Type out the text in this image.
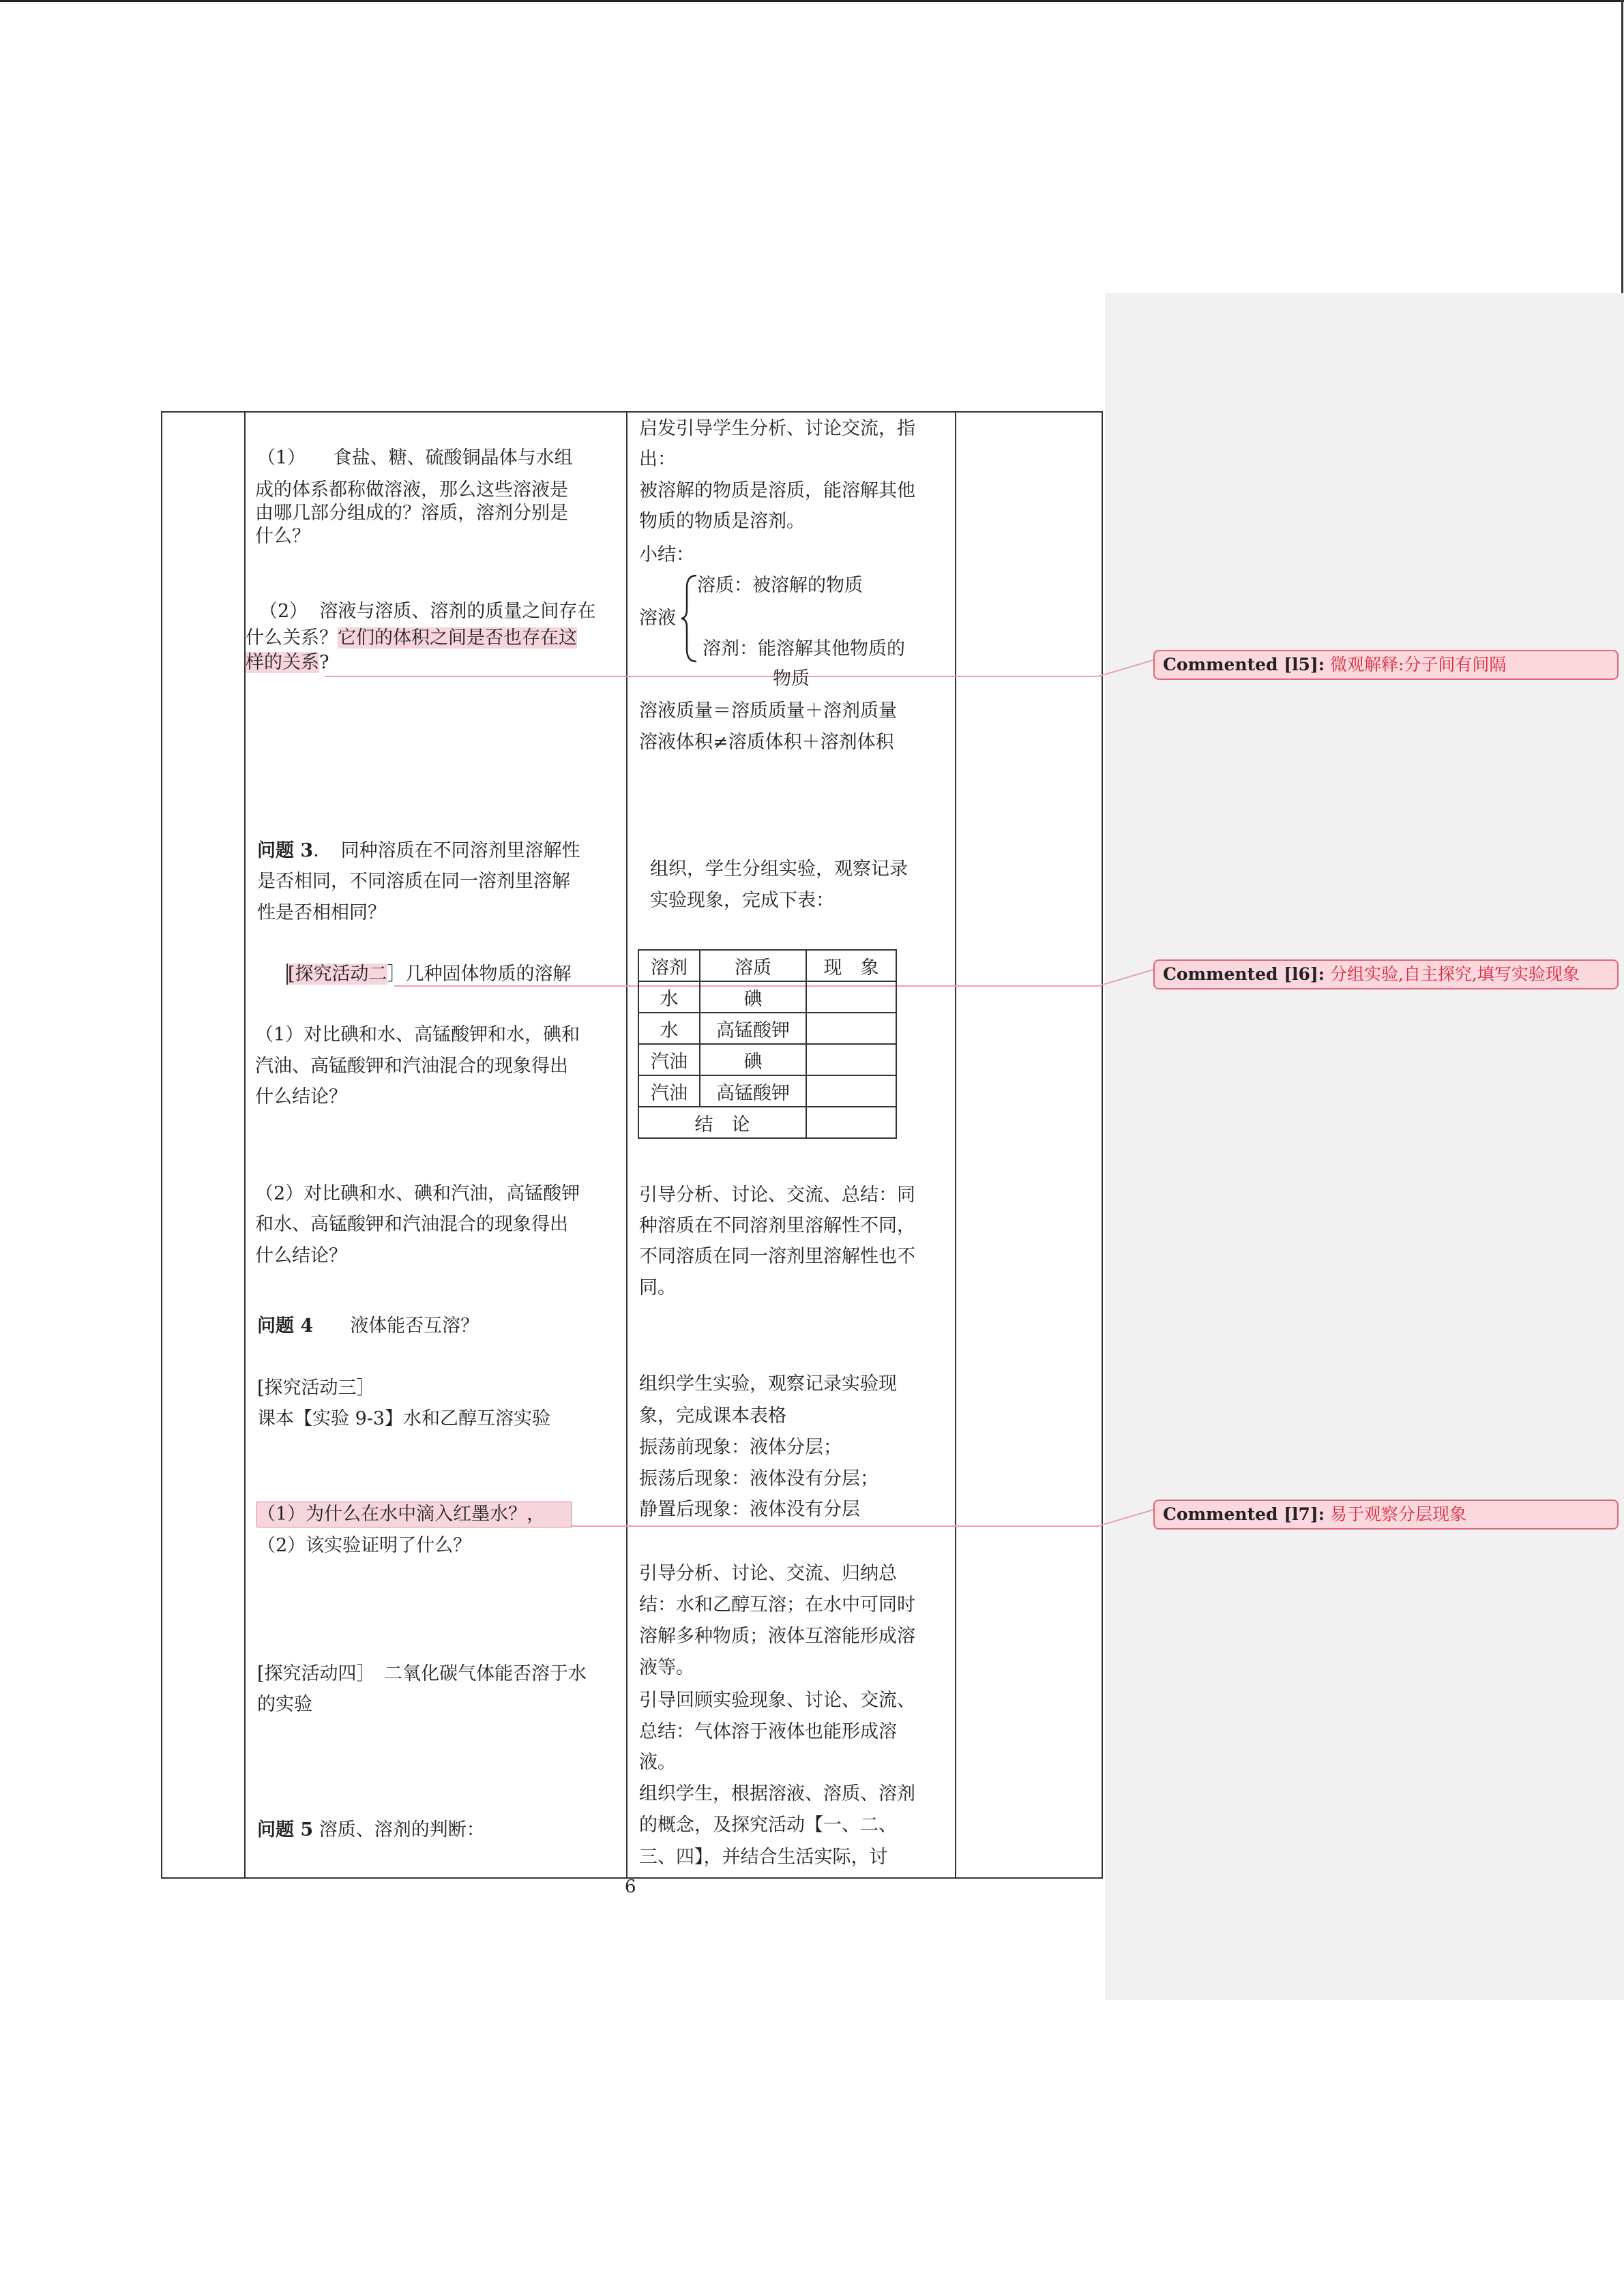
（1）　　食盐、糖、硫酸铜晶体与水组
成的体系都称做溶液，那么这些溶液是
由哪几部分组成的？溶质，溶剂分别是
什么？
（2）  溶液与溶质、溶剂的质量之间存在
什么关系？它们的体积之间是否也存在这
样的关系?
问题 3．　同种溶质在不同溶剂里溶解性
是否相同，不同溶质在同一溶剂里溶解
性是否相相同？
[探究活动二］几种固体物质的溶解
（1）对比碘和水、高锰酸钾和水，碘和
汽油、高锰酸钾和汽油混合的现象得出
什么结论？
（2）对比碘和水、碘和汽油，高锰酸钾
和水、高锰酸钾和汽油混合的现象得出
什么结论？
问题 4　　 液体能否互溶？
[探究活动三］
课本【实验 9-3】水和乙醇互溶实验
（1）为什么在水中滴入红墨水？，
（2）该实验证明了什么？
[探究活动四］　二氧化碳气体能否溶于水
的实验
问题 5 溶质、溶剂的判断：
启发引导学生分析、讨论交流，指
出：
被溶解的物质是溶质，能溶解其他
物质的物质是溶剂。
小结：
溶液
溶质：被溶解的物质
溶剂：能溶解其他物质的
物质
溶液质量＝溶质质量＋溶剂质量
溶液体积≠溶质体积＋溶剂体积
组织，学生分组实验，观察记录
实验现象，完成下表：
溶剂	溶质	现　象
水	碘	
水	高锰酸钾	
汽油	碘	
汽油	高锰酸钾	
结　论		
引导分析、讨论、交流、总结：同
种溶质在不同溶剂里溶解性不同，
不同溶质在同一溶剂里溶解性也不
同。
组织学生实验，观察记录实验现
象，完成课本表格
振荡前现象：液体分层；
振荡后现象：液体没有分层；
静置后现象：液体没有分层
引导分析、讨论、交流、归纳总
结：水和乙醇互溶；在水中可同时
溶解多种物质；液体互溶能形成溶
液等。
引导回顾实验现象、讨论、交流、
总结：气体溶于液体也能形成溶
液。
组织学生，根据溶液、溶质、溶剂
的概念，及探究活动【一、二、
三、四】，并结合生活实际，讨
Commented [l5]: 微观解释:分子间有间隔
Commented [l6]: 分组实验,自主探究,填写实验现象
Commented [l7]: 易于观察分层现象
6
